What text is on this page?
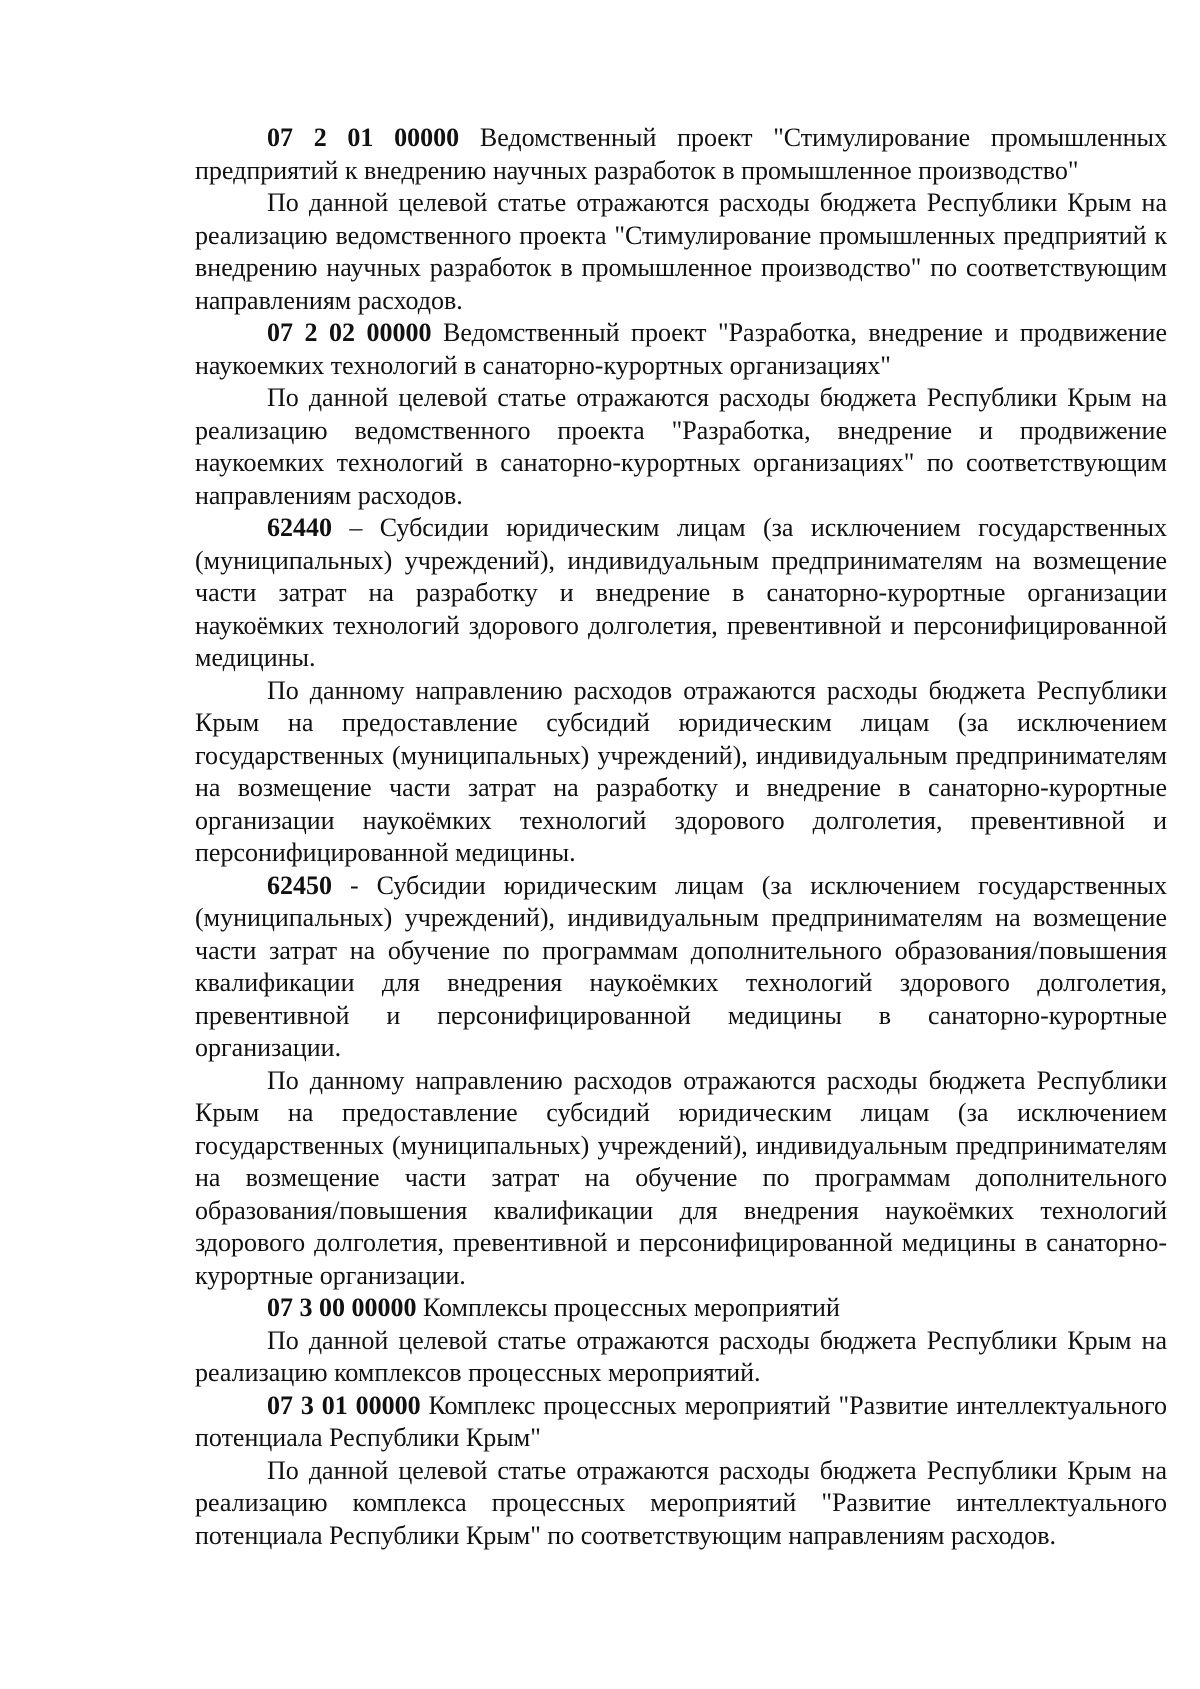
07 2 01 00000 Ведомственный проект "Стимулирование промышленных предприятий к внедрению научных разработок в промышленное производство"

По данной целевой статье отражаются расходы бюджета Республики Крым на реализацию ведомственного проекта "Стимулирование промышленных предприятий к внедрению научных разработок в промышленное производство" по соответствующим направлениям расходов.

07 2 02 00000 Ведомственный проект "Разработка, внедрение и продвижение наукоемких технологий в санаторно-курортных организациях"

По данной целевой статье отражаются расходы бюджета Республики Крым на реализацию ведомственного проекта "Разработка, внедрение и продвижение наукоемких технологий в санаторно-курортных организациях" по соответствующим направлениям расходов.

62440 – Субсидии юридическим лицам (за исключением государственных (муниципальных) учреждений), индивидуальным предпринимателям на возмещение части затрат на разработку и внедрение в санаторно-курортные организации наукоёмких технологий здорового долголетия, превентивной и персонифицированной медицины.

По данному направлению расходов отражаются расходы бюджета Республики Крым на предоставление субсидий юридическим лицам (за исключением государственных (муниципальных) учреждений), индивидуальным предпринимателям на возмещение части затрат на разработку и внедрение в санаторно-курортные организации наукоёмких технологий здорового долголетия, превентивной и персонифицированной медицины.

62450 - Субсидии юридическим лицам (за исключением государственных (муниципальных) учреждений), индивидуальным предпринимателям на возмещение части затрат на обучение по программам дополнительного образования/повышения квалификации для внедрения наукоёмких технологий здорового долголетия, превентивной и персонифицированной медицины в санаторно-курортные организации.

По данному направлению расходов отражаются расходы бюджета Республики Крым на предоставление субсидий юридическим лицам (за исключением государственных (муниципальных) учреждений), индивидуальным предпринимателям на возмещение части затрат на обучение по программам дополнительного образования/повышения квалификации для внедрения наукоёмких технологий здорового долголетия, превентивной и персонифицированной медицины в санаторно-курортные организации.

07 3 00 00000 Комплексы процессных мероприятий

По данной целевой статье отражаются расходы бюджета Республики Крым на реализацию комплексов процессных мероприятий.

07 3 01 00000 Комплекс процессных мероприятий "Развитие интеллектуального потенциала Республики Крым"

По данной целевой статье отражаются расходы бюджета Республики Крым на реализацию комплекса процессных мероприятий "Развитие интеллектуального потенциала Республики Крым" по соответствующим направлениям расходов.
